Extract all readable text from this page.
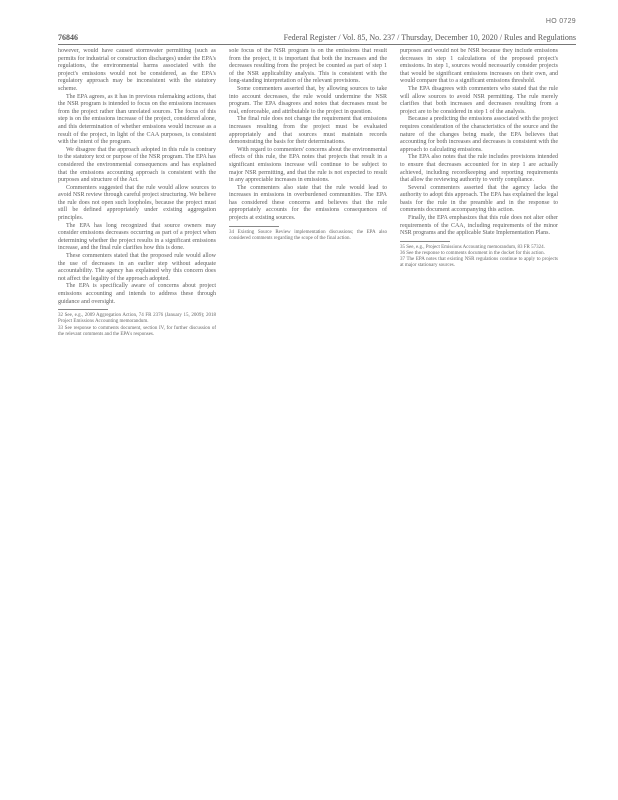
HO 0729
76846	Federal Register / Vol. 85, No. 237 / Thursday, December 10, 2020 / Rules and Regulations

however, would have caused stormwater permitting (such as permits for industrial or construction discharges) under the EPA's regulations, the environmental harms associated with the project's emissions would not be considered, as the EPA's regulatory approach may be inconsistent with the statutory scheme.

The EPA agrees, as it has in previous rulemaking actions, that the NSR program is intended to focus on the emissions increases from the project rather than unrelated sources. The focus of this step is on the emissions increase of the project, considered alone, and this determination of whether emissions would increase as a result of the project, in light of the CAA purposes, is consistent with the intent of the program.

We disagree that the approach adopted in this rule is contrary to the statutory text or purpose of the NSR program. The EPA has considered the environmental consequences and has explained that the emissions accounting approach is consistent with the purposes and structure of the Act.

Commenters suggested that the rule would allow sources to avoid NSR review through careful project structuring. We believe the rule does not open such loopholes, because the project must still be defined appropriately under existing aggregation principles.

The EPA has long recognized that source owners may consider emissions decreases occurring as part of a project when determining whether the project results in a significant emissions increase, and the final rule clarifies how this is done.

These commenters stated that the proposed rule would allow the use of decreases in an earlier step without adequate accountability. The agency has explained why this concern does not affect the legality of the approach adopted.

The EPA is specifically aware of concerns about project emissions accounting and intends to address these through guidance and oversight.

32 See, e.g., 2009 Aggregation Action, 74 FR 2376 (January 15, 2009); 2018 Project Emissions Accounting memorandum.

33 See response to comments document, section IV, for further discussion of the relevant comments and the EPA's responses.

sole focus of the NSR program is on the emissions that result from the project, it is important that both the increases and the decreases resulting from the project be counted as part of step 1 of the NSR applicability analysis. This is consistent with the long-standing interpretation of the relevant provisions.

Some commenters asserted that, by allowing sources to take into account decreases, the rule would undermine the NSR program. The EPA disagrees and notes that decreases must be real, enforceable, and attributable to the project in question.

The final rule does not change the requirement that emissions increases resulting from the project must be evaluated appropriately and that sources must maintain records demonstrating the basis for their determinations.

With regard to commenters' concerns about the environmental effects of this rule, the EPA notes that projects that result in a significant emissions increase will continue to be subject to major NSR permitting, and that the rule is not expected to result in any appreciable increases in emissions.

The commenters also state that the rule would lead to increases in emissions in overburdened communities. The EPA has considered these concerns and believes that the rule appropriately accounts for the emissions consequences of projects at existing sources.

34 Existing Source Review implementation discussions; the EPA also considered comments regarding the scope of the final action.

purposes and would not be NSR because they include emissions decreases in step 1 calculations of the proposed project's emissions. In step 1, sources would necessarily consider projects that would be significant emissions increases on their own, and would compare that to a significant emissions threshold.

The EPA disagrees with commenters who stated that the rule will allow sources to avoid NSR permitting. The rule merely clarifies that both increases and decreases resulting from a project are to be considered in step 1 of the analysis.

Because a predicting the emissions associated with the project requires consideration of the characteristics of the source and the nature of the changes being made, the EPA believes that accounting for both increases and decreases is consistent with the approach to calculating emissions.

The EPA also notes that the rule includes provisions intended to ensure that decreases accounted for in step 1 are actually achieved, including recordkeeping and reporting requirements that allow the reviewing authority to verify compliance.

Several commenters asserted that the agency lacks the authority to adopt this approach. The EPA has explained the legal basis for the rule in the preamble and in the response to comments document accompanying this action.

Finally, the EPA emphasizes that this rule does not alter other requirements of the CAA, including requirements of the minor NSR programs and the applicable State Implementation Plans.

35 See, e.g., Project Emissions Accounting memorandum, 83 FR 57324.

36 See the response to comments document in the docket for this action.

37 The EPA notes that existing NSR regulations continue to apply to projects at major stationary sources.
